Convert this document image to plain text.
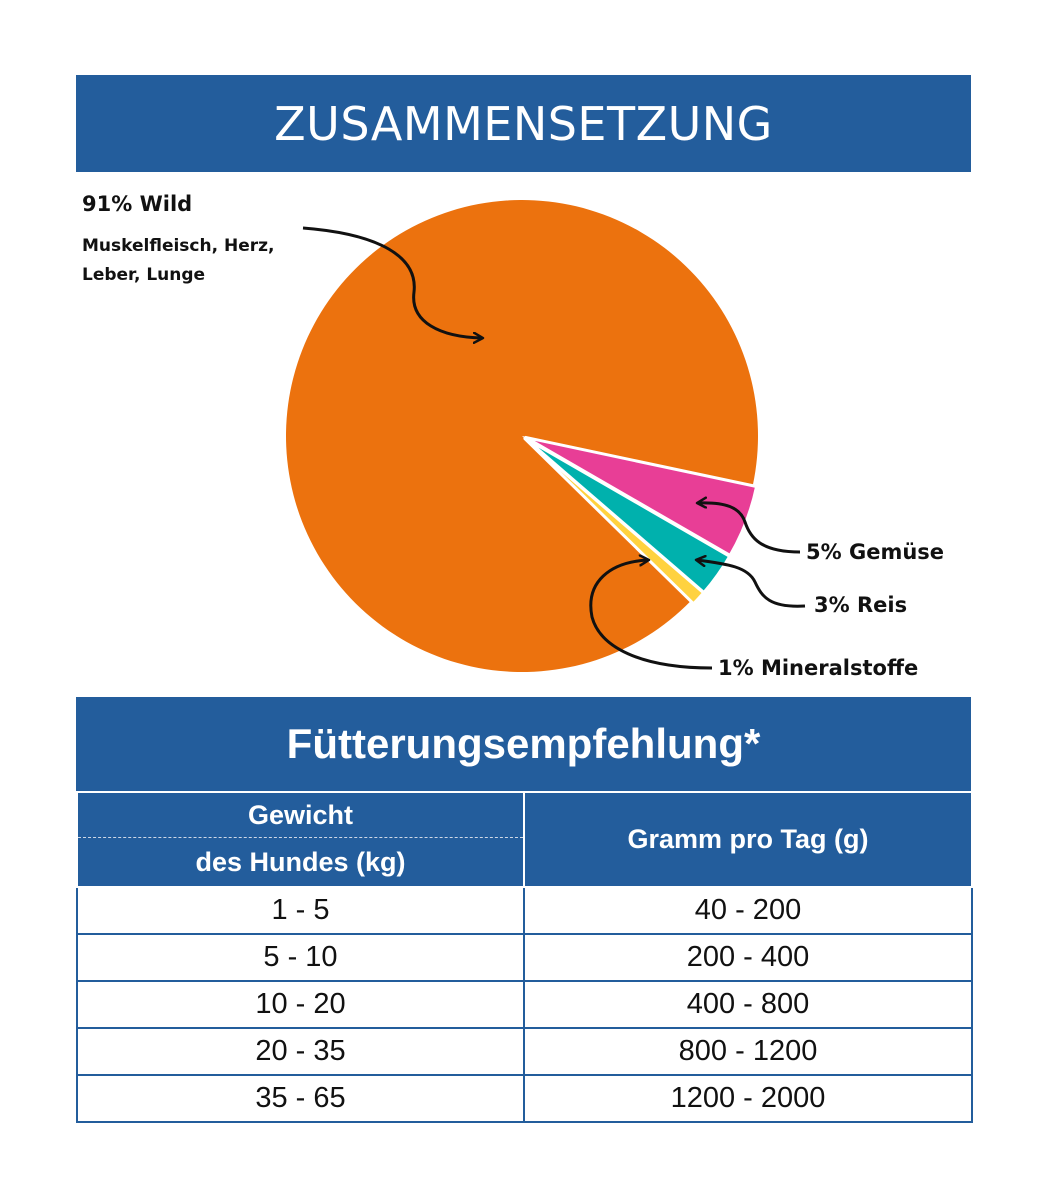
ZUSAMMENSETZUNG
91% Wild
Muskelfleisch, Herz,
Leber, Lunge
5% Gemüse
3% Reis
1% Mineralstoffe
Fütterungsempfehlung*
Gewicht
des Hundes (kg)	Gramm pro Tag (g)
1 - 5	40 - 200
5 - 10	200 - 400
10 - 20	400 - 800
20 - 35	800 - 1200
35 - 65	1200 - 2000
